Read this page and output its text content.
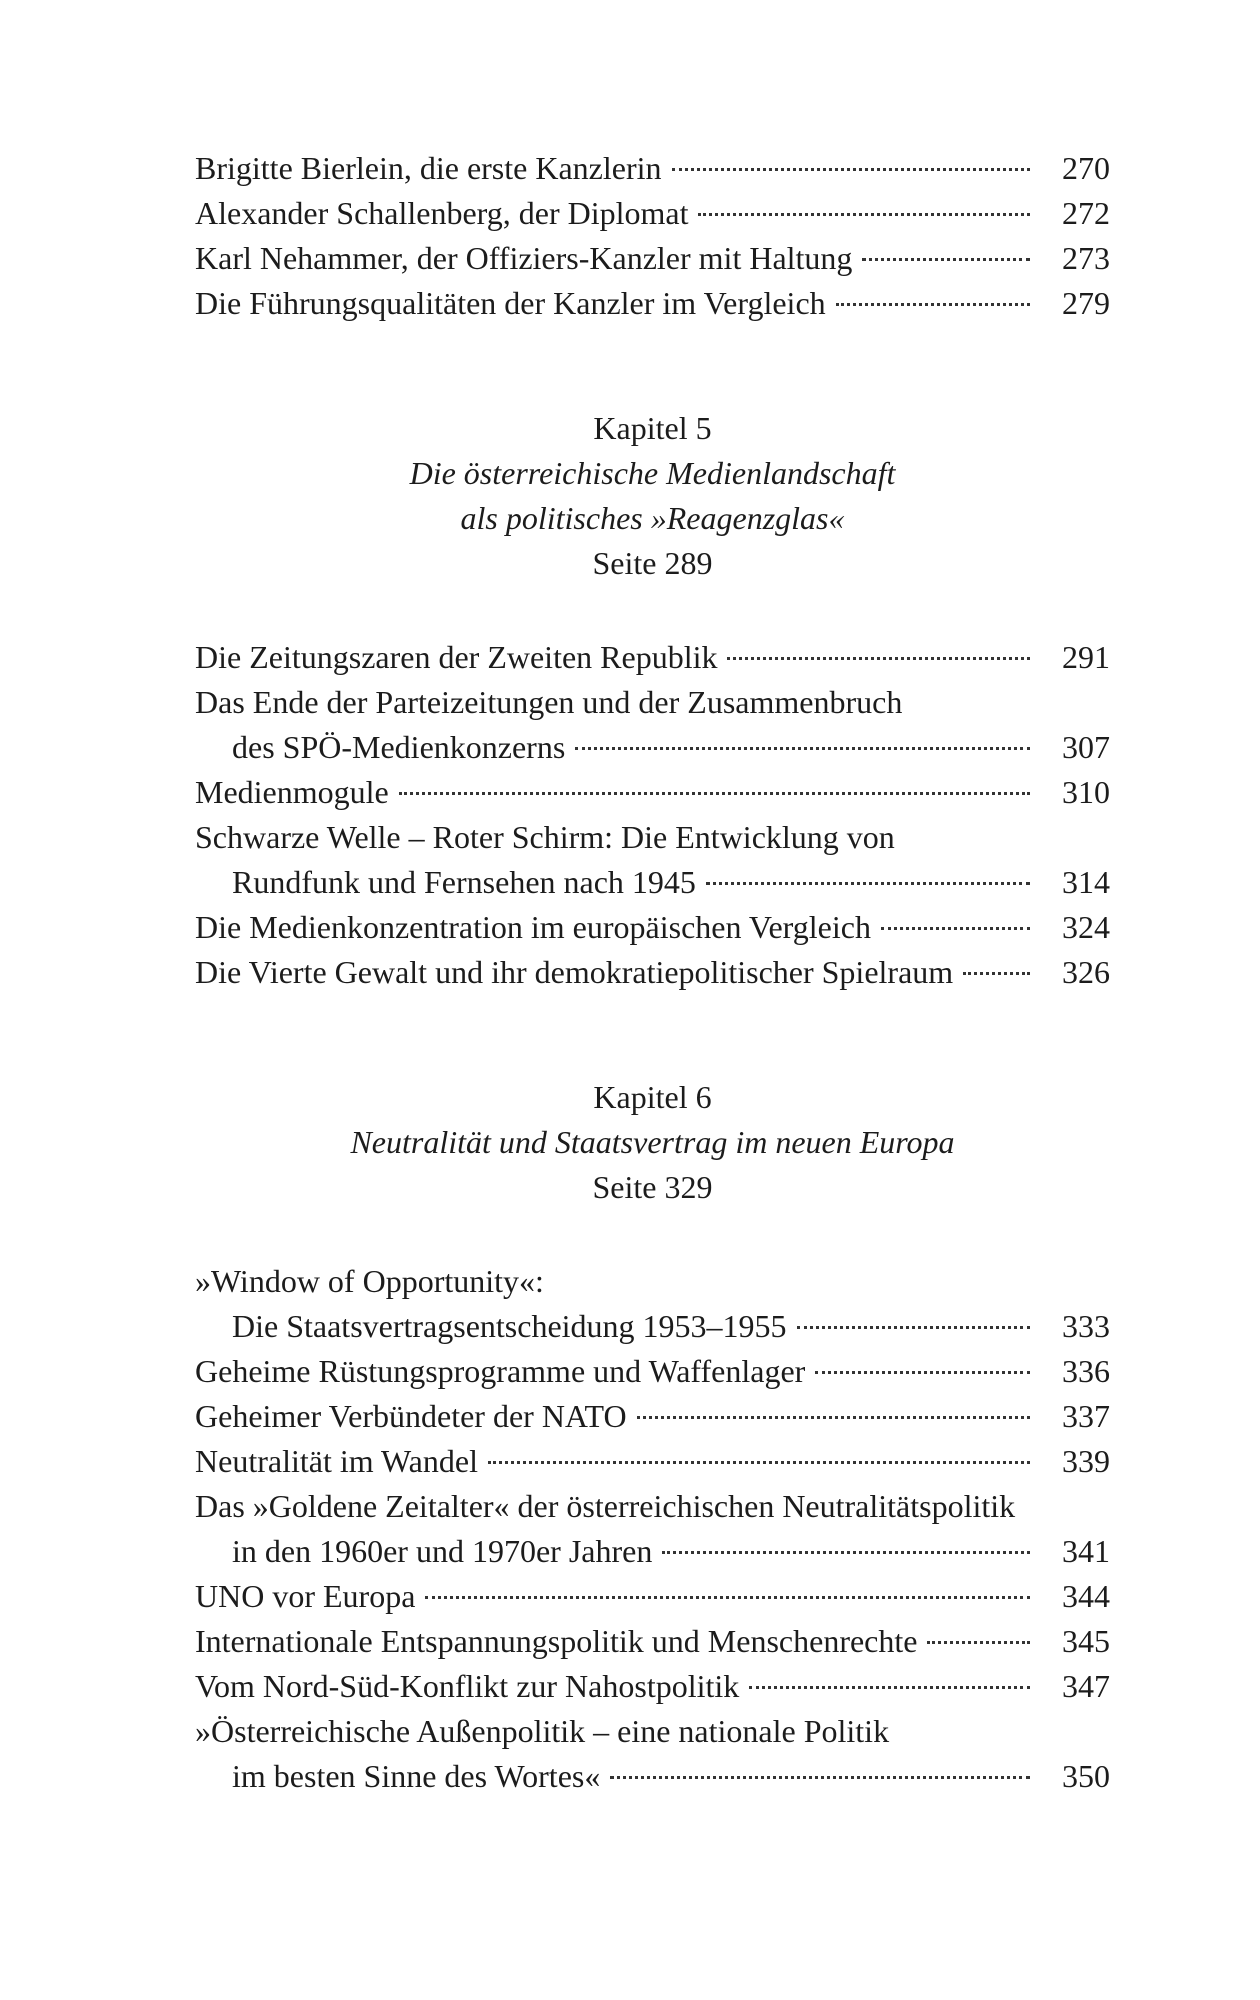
Brigitte Bierlein, die erste Kanzlerin	270
Alexander Schallenberg, der Diplomat	272
Karl Nehammer, der Offiziers-Kanzler mit Haltung	273
Die Führungsqualitäten der Kanzler im Vergleich	279
Kapitel 5
Die österreichische Medienlandschaft
als politisches »Reagenzglas«
Seite 289
Die Zeitungszaren der Zweiten Republik	291
Das Ende der Parteizeitungen und der Zusammenbruch
des SPÖ-Medienkonzerns	307
Medienmogule	310
Schwarze Welle – Roter Schirm: Die Entwicklung von
Rundfunk und Fernsehen nach 1945	314
Die Medienkonzentration im europäischen Vergleich	324
Die Vierte Gewalt und ihr demokratiepolitischer Spielraum	326
Kapitel 6
Neutralität und Staatsvertrag im neuen Europa
Seite 329
»Window of Opportunity«:
Die Staatsvertragsentscheidung 1953–1955	333
Geheime Rüstungsprogramme und Waffenlager	336
Geheimer Verbündeter der NATO	337
Neutralität im Wandel	339
Das »Goldene Zeitalter« der österreichischen Neutralitätspolitik
in den 1960er und 1970er Jahren	341
UNO vor Europa	344
Internationale Entspannungspolitik und Menschenrechte	345
Vom Nord-Süd-Konflikt zur Nahostpolitik	347
»Österreichische Außenpolitik – eine nationale Politik
im besten Sinne des Wortes«	350
